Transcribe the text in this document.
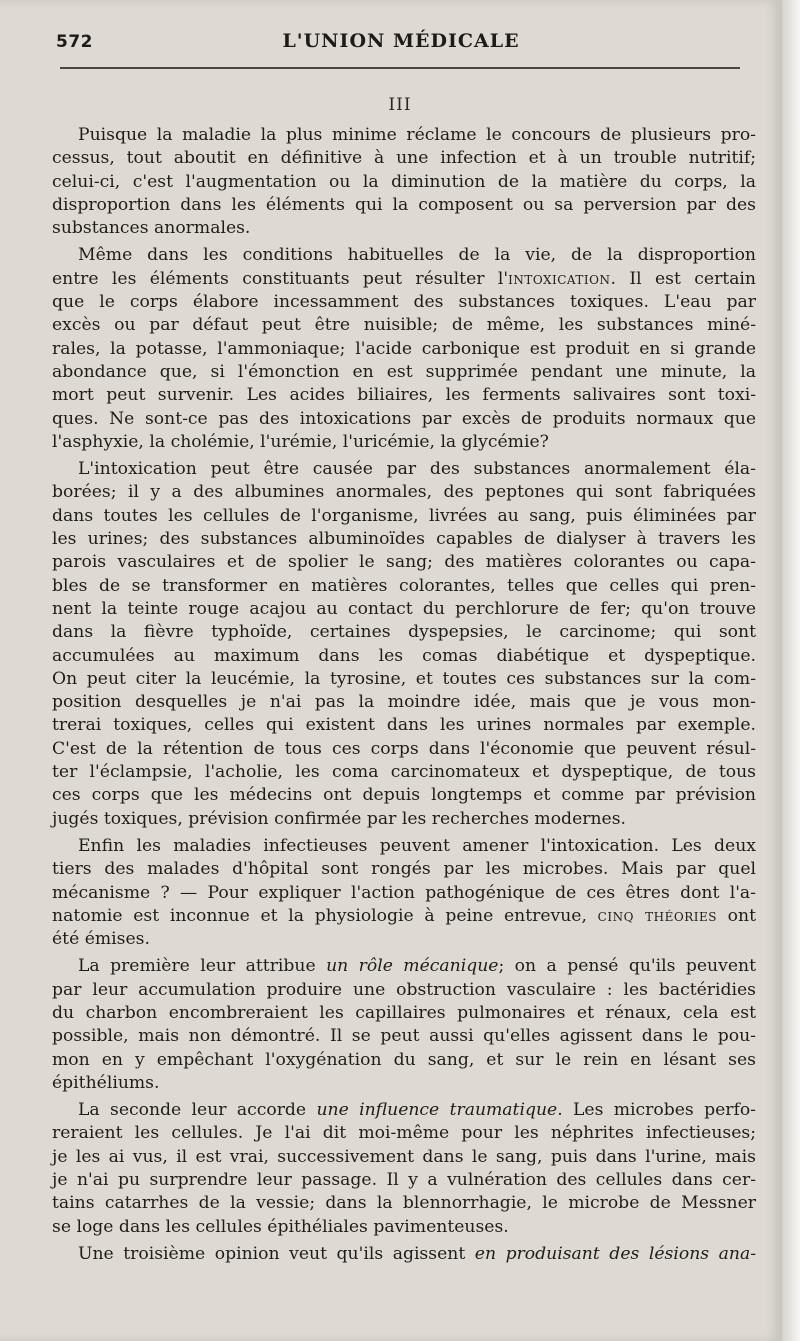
572	L'UNION MÉDICALE
III

Puisque la maladie la plus minime réclame le concours de plusieurs pro-
cessus, tout aboutit en définitive à une infection et à un trouble nutritif;
celui-ci, c'est l'augmentation ou la diminution de la matière du corps, la
disproportion dans les éléments qui la composent ou sa perversion par des
substances anormales.

Même dans les conditions habituelles de la vie, de la disproportion
entre les éléments constituants peut résulter l'intoxication. Il est certain
que le corps élabore incessamment des substances toxiques. L'eau par
excès ou par défaut peut être nuisible; de même, les substances miné-
rales, la potasse, l'ammoniaque; l'acide carbonique est produit en si grande
abondance que, si l'émonction en est supprimée pendant une minute, la
mort peut survenir. Les acides biliaires, les ferments salivaires sont toxi-
ques. Ne sont-ce pas des intoxications par excès de produits normaux que
l'asphyxie, la cholémie, l'urémie, l'uricémie, la glycémie?

L'intoxication peut être causée par des substances anormalement éla-
borées; il y a des albumines anormales, des peptones qui sont fabriquées
dans toutes les cellules de l'organisme, livrées au sang, puis éliminées par
les urines; des substances albuminoïdes capables de dialyser à travers les
parois vasculaires et de spolier le sang; des matières colorantes ou capa-
bles de se transformer en matières colorantes, telles que celles qui pren-
nent la teinte rouge acajou au contact du perchlorure de fer; qu'on trouve
dans la fièvre typhoïde, certaines dyspepsies, le carcinome; qui sont
accumulées au maximum dans les comas diabétique et dyspeptique.
On peut citer la leucémie, la tyrosine, et toutes ces substances sur la com-
position desquelles je n'ai pas la moindre idée, mais que je vous mon-
trerai toxiques, celles qui existent dans les urines normales par exemple.
C'est de la rétention de tous ces corps dans l'économie que peuvent résul-
ter l'éclampsie, l'acholie, les coma carcinomateux et dyspeptique, de tous
ces corps que les médecins ont depuis longtemps et comme par prévision
jugés toxiques, prévision confirmée par les recherches modernes.

Enfin les maladies infectieuses peuvent amener l'intoxication. Les deux
tiers des malades d'hôpital sont rongés par les microbes. Mais par quel
mécanisme ? — Pour expliquer l'action pathogénique de ces êtres dont l'a-
natomie est inconnue et la physiologie à peine entrevue, cinq théories ont
été émises.

La première leur attribue un rôle mécanique; on a pensé qu'ils peuvent
par leur accumulation produire une obstruction vasculaire : les bactéridies
du charbon encombreraient les capillaires pulmonaires et rénaux, cela est
possible, mais non démontré. Il se peut aussi qu'elles agissent dans le pou-
mon en y empêchant l'oxygénation du sang, et sur le rein en lésant ses
épithéliums.

La seconde leur accorde une influence traumatique. Les microbes perfo-
reraient les cellules. Je l'ai dit moi-même pour les néphrites infectieuses;
je les ai vus, il est vrai, successivement dans le sang, puis dans l'urine, mais
je n'ai pu surprendre leur passage. Il y a vulnération des cellules dans cer-
tains catarrhes de la vessie; dans la blennorrhagie, le microbe de Messner
se loge dans les cellules épithéliales pavimenteuses.

Une troisième opinion veut qu'ils agissent en produisant des lésions ana-
